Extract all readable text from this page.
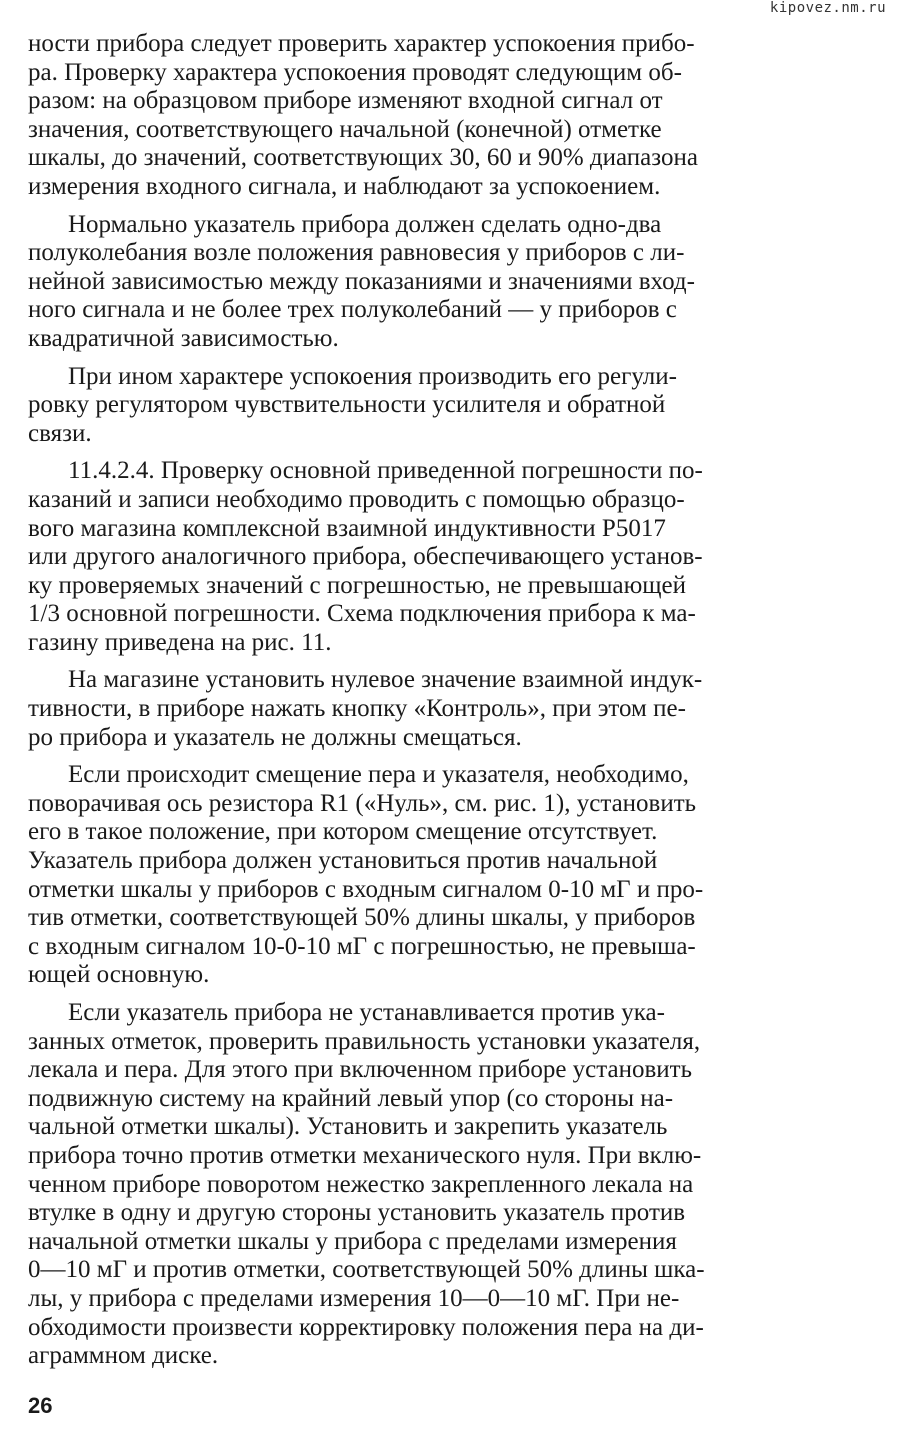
kipovez.nm.ru

ности прибора следует проверить характер успокоения прибо-
ра. Проверку характера успокоения проводят следующим об-
разом: на образцовом приборе изменяют входной сигнал от
значения, соответствующего начальной (конечной) отметке
шкалы, до значений, соответствующих 30, 60 и 90% диапазона
измерения входного сигнала, и наблюдают за успокоением.

Нормально указатель прибора должен сделать одно-два
полуколебания возле положения равновесия у приборов с ли-
нейной зависимостью между показаниями и значениями вход-
ного сигнала и не более трех полуколебаний — у приборов с
квадратичной зависимостью.

При ином характере успокоения производить его регули-
ровку регулятором чувствительности усилителя и обратной
связи.

11.4.2.4. Проверку основной приведенной погрешности по-
казаний и записи необходимо проводить с помощью образцо-
вого магазина комплексной взаимной индуктивности Р5017
или другого аналогичного прибора, обеспечивающего установ-
ку проверяемых значений с погрешностью, не превышающей
1/3 основной погрешности. Схема подключения прибора к ма-
газину приведена на рис. 11.

На магазине установить нулевое значение взаимной индук-
тивности, в приборе нажать кнопку «Контроль», при этом пе-
ро прибора и указатель не должны смещаться.

Если происходит смещение пера и указателя, необходимо,
поворачивая ось резистора R1 («Нуль», см. рис. 1), установить
его в такое положение, при котором смещение отсутствует.
Указатель прибора должен установиться против начальной
отметки шкалы у приборов с входным сигналом 0-10 мГ и про-
тив отметки, соответствующей 50% длины шкалы, у приборов
с входным сигналом 10-0-10 мГ с погрешностью, не превыша-
ющей основную.

Если указатель прибора не устанавливается против ука-
занных отметок, проверить правильность установки указателя,
лекала и пера. Для этого при включенном приборе установить
подвижную систему на крайний левый упор (со стороны на-
чальной отметки шкалы). Установить и закрепить указатель
прибора точно против отметки механического нуля. При вклю-
ченном приборе поворотом нежестко закрепленного лекала на
втулке в одну и другую стороны установить указатель против
начальной отметки шкалы у прибора с пределами измерения
0—10 мГ и против отметки, соответствующей 50% длины шка-
лы, у прибора с пределами измерения 10—0—10 мГ. При не-
обходимости произвести корректировку положения пера на ди-
аграммном диске.

26
